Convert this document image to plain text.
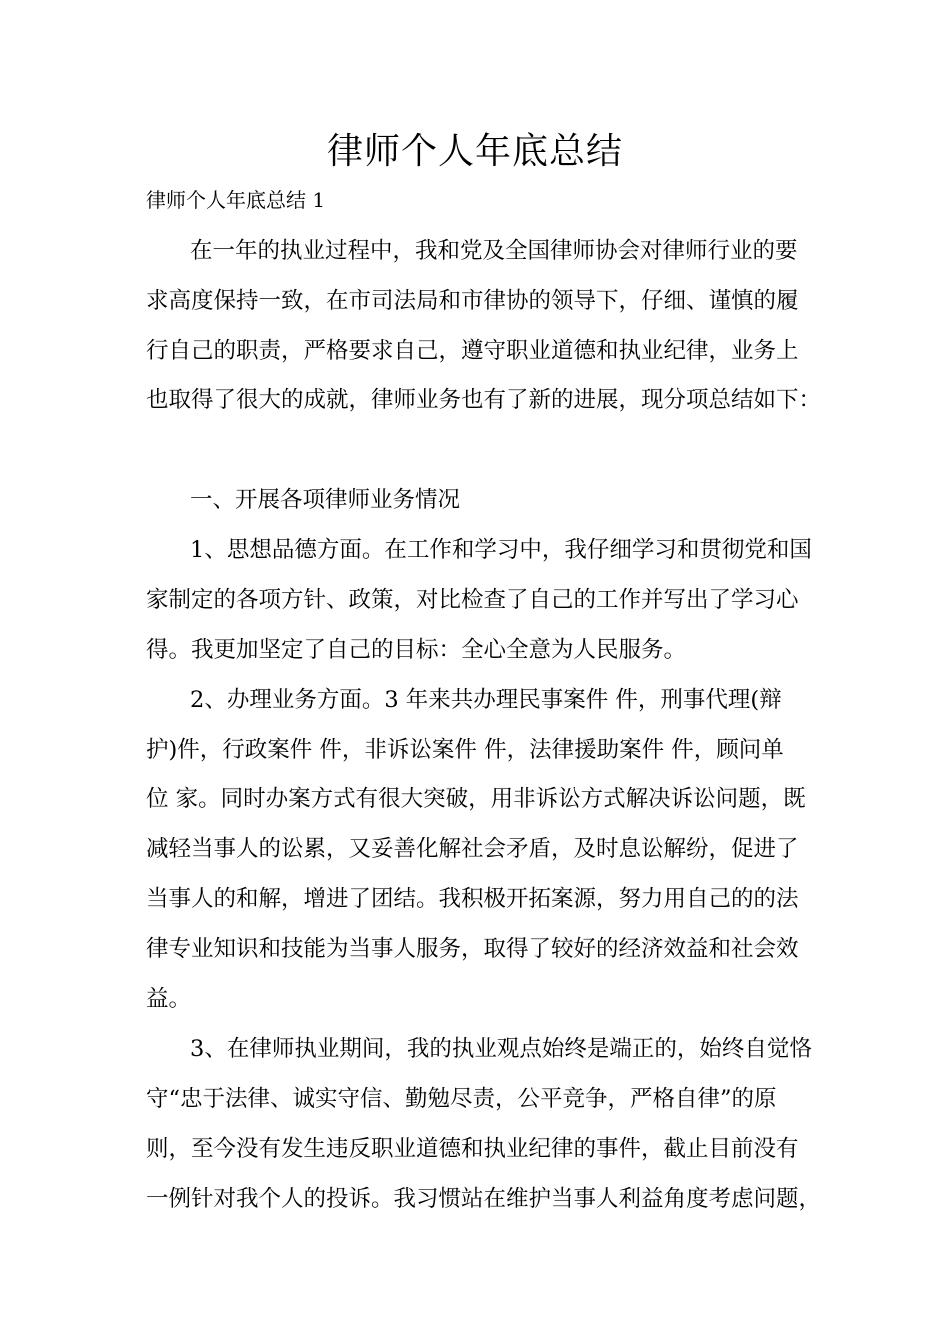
律师个人年底总结

律师个人年底总结 1

在一年的执业过程中，我和党及全国律师协会对律师行业的要

求高度保持一致，在市司法局和市律协的领导下，仔细、谨慎的履

行自己的职责，严格要求自己，遵守职业道德和执业纪律，业务上

也取得了很大的成就，律师业务也有了新的进展，现分项总结如下：

一、开展各项律师业务情况

1、思想品德方面。在工作和学习中，我仔细学习和贯彻党和国

家制定的各项方针、政策，对比检查了自己的工作并写出了学习心

得。我更加坚定了自己的目标：全心全意为人民服务。

2、办理业务方面。3 年来共办理民事案件 件，刑事代理(辩

护)件，行政案件 件，非诉讼案件 件，法律援助案件 件，顾问单

位 家。同时办案方式有很大突破，用非诉讼方式解决诉讼问题，既

减轻当事人的讼累，又妥善化解社会矛盾，及时息讼解纷，促进了

当事人的和解，增进了团结。我积极开拓案源，努力用自己的的法

律专业知识和技能为当事人服务，取得了较好的经济效益和社会效

益。

3、在律师执业期间，我的执业观点始终是端正的，始终自觉恪

守“忠于法律、诚实守信、勤勉尽责，公平竞争，严格自律”的原

则，至今没有发生违反职业道德和执业纪律的事件，截止目前没有

一例针对我个人的投诉。我习惯站在维护当事人利益角度考虑问题，
